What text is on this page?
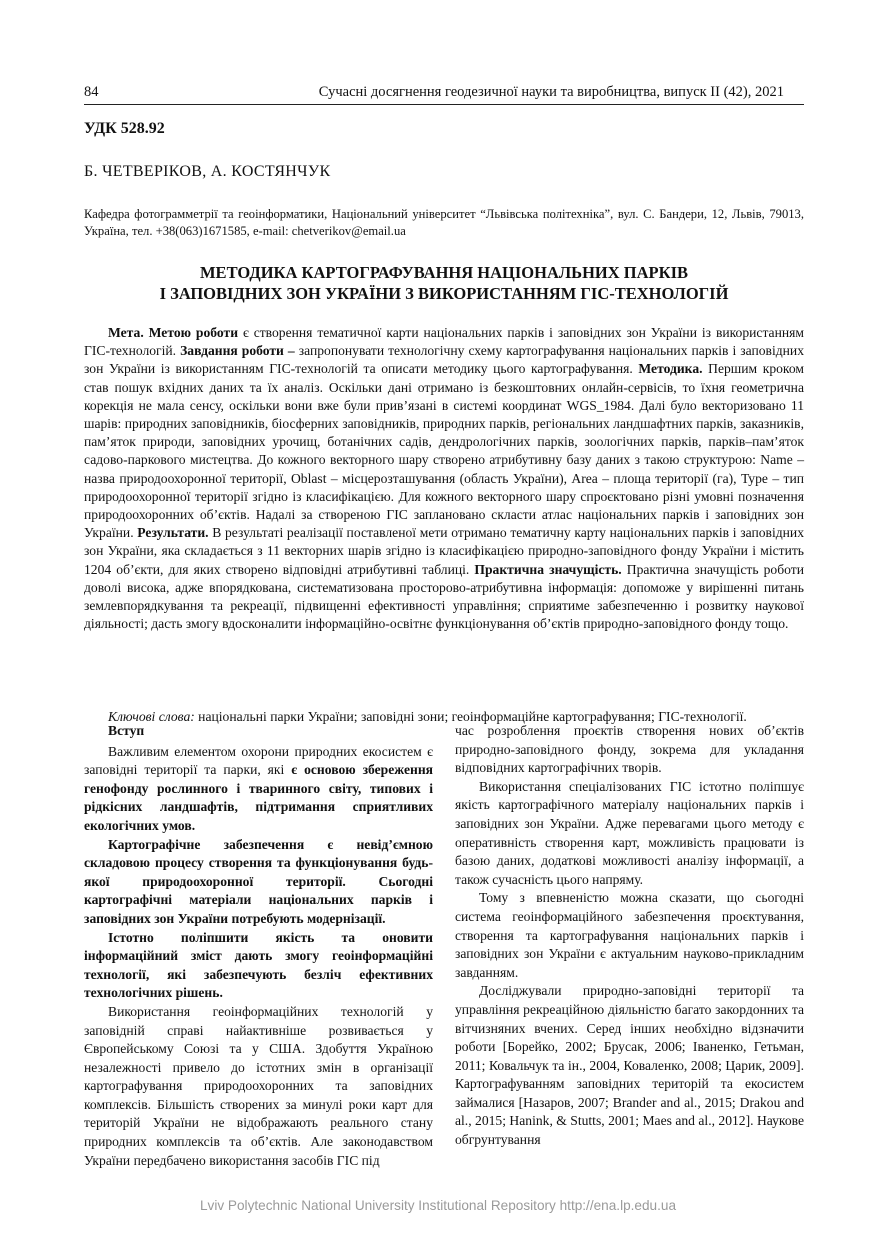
84	Сучасні досягнення геодезичної науки та виробництва, випуск ІІ (42), 2021
УДК 528.92
Б. ЧЕТВЕРІКОВ, А. КОСТЯНЧУК
Кафедра фотограмметрії та геоінформатики, Національний університет “Львівська політехніка”, вул. С. Бандери, 12, Львів, 79013, Україна, тел. +38(063)1671585, e-mail: chetverikov@email.ua
МЕТОДИКА КАРТОГРАФУВАННЯ НАЦІОНАЛЬНИХ ПАРКІВ
І ЗАПОВІДНИХ ЗОН УКРАЇНИ З ВИКОРИСТАННЯМ ГІС-ТЕХНОЛОГІЙ
Мета. Метою роботи є створення тематичної карти національних парків і заповідних зон України із використанням ГІС-технологій. Завдання роботи – запропонувати технологічну схему картографування національних парків і заповідних зон України із використанням ГІС-технологій та описати методику цього картографування. Методика. Першим кроком став пошук вхідних даних та їх аналіз. Оскільки дані отримано із безкоштовних онлайн-сервісів, то їхня геометрична корекція не мала сенсу, оскільки вони вже були прив’язані в системі координат WGS_1984. Далі було векторизовано 11 шарів: природних заповідників, біосферних заповідників, природних парків, регіональних ландшафтних парків, заказників, пам’яток природи, заповідних урочищ, ботанічних садів, дендрологічних парків, зоологічних парків, парків–пам’яток садово-паркового мистецтва. До кожного векторного шару створено атрибутивну базу даних з такою структурою: Name – назва природоохоронної території, Oblast – місцерозташування (область України), Area – площа території (га), Type – тип природоохоронної території згідно із класифікацією. Для кожного векторного шару спроєктовано різні умовні позначення природоохоронних об’єктів. Надалі за створеною ГІС заплановано скласти атлас національних парків і заповідних зон України. Результати. В результаті реалізації поставленої мети отримано тематичну карту національних парків і заповідних зон України, яка складається з 11 векторних шарів згідно із класифікацією природно-заповідного фонду України і містить 1204 об’єкти, для яких створено відповідні атрибутивні таблиці. Практична значущість. Практична значущість роботи доволі висока, адже впорядкована, систематизована просторово-атрибутивна інформація: допоможе у вирішенні питань землевпорядкування та рекреації, підвищенні ефективності управління; сприятиме забезпеченню і розвитку наукової діяльності; дасть змогу вдосконалити інформаційно-освітнє функціонування об’єктів природно-заповідного фонду тощо.
Ключові слова: національні парки України; заповідні зони; геоінформаційне картографування; ГІС-технології.
Вступ

Важливим елементом охорони природних екосистем є заповідні території та парки, які є основою збереження генофонду рослинного і тваринного світу, типових і рідкісних ландшафтів, підтримання сприятливих екологічних умов.

Картографічне забезпечення є невід’ємною складовою процесу створення та функціонування будь-якої природоохоронної території. Сьогодні картографічні матеріали національних парків і заповідних зон України потребують модернізації.

Істотно поліпшити якість та оновити інформаційний зміст дають змогу геоінформаційні технології, які забезпечують безліч ефективних технологічних рішень.

Використання геоінформаційних технологій у заповідній справі найактивніше розвивається у Європейському Союзі та у США. Здобуття Україною незалежності привело до істотних змін в організації картографування природоохоронних та заповідних комплексів. Більшість створених за минулі роки карт для територій України не відображають реального стану природних комплексів та об’єктів. Але законодавством України передбачено використання засобів ГІС під

час розроблення проєктів створення нових об’єктів природно-заповідного фонду, зокрема для укладання відповідних картографічних творів.

Використання спеціалізованих ГІС істотно поліпшує якість картографічного матеріалу національних парків і заповідних зон України. Адже перевагами цього методу є оперативність створення карт, можливість працювати із базою даних, додаткові можливості аналізу інформації, а також сучасність цього напряму.

Тому з впевненістю можна сказати, що сьогодні система геоінформаційного забезпечення проєктування, створення та картографування національних парків і заповідних зон України є актуальним науково-прикладним завданням.

Досліджували природно-заповідні території та управління рекреаційною діяльністю багато закордонних та вітчизняних вчених. Серед інших необхідно відзначити роботи [Борейко, 2002; Брусак, 2006; Іваненко, Гетьман, 2011; Ковальчук та ін., 2004, Коваленко, 2008; Царик, 2009]. Картографуванням заповідних територій та екосистем займалися [Назаров, 2007; Brander and al., 2015; Drakou and al., 2015; Hanink, & Stutts, 2001; Maes and al., 2012]. Наукове обгрунтування

Lviv Polytechnic National University Institutional Repository http://ena.lp.edu.ua
